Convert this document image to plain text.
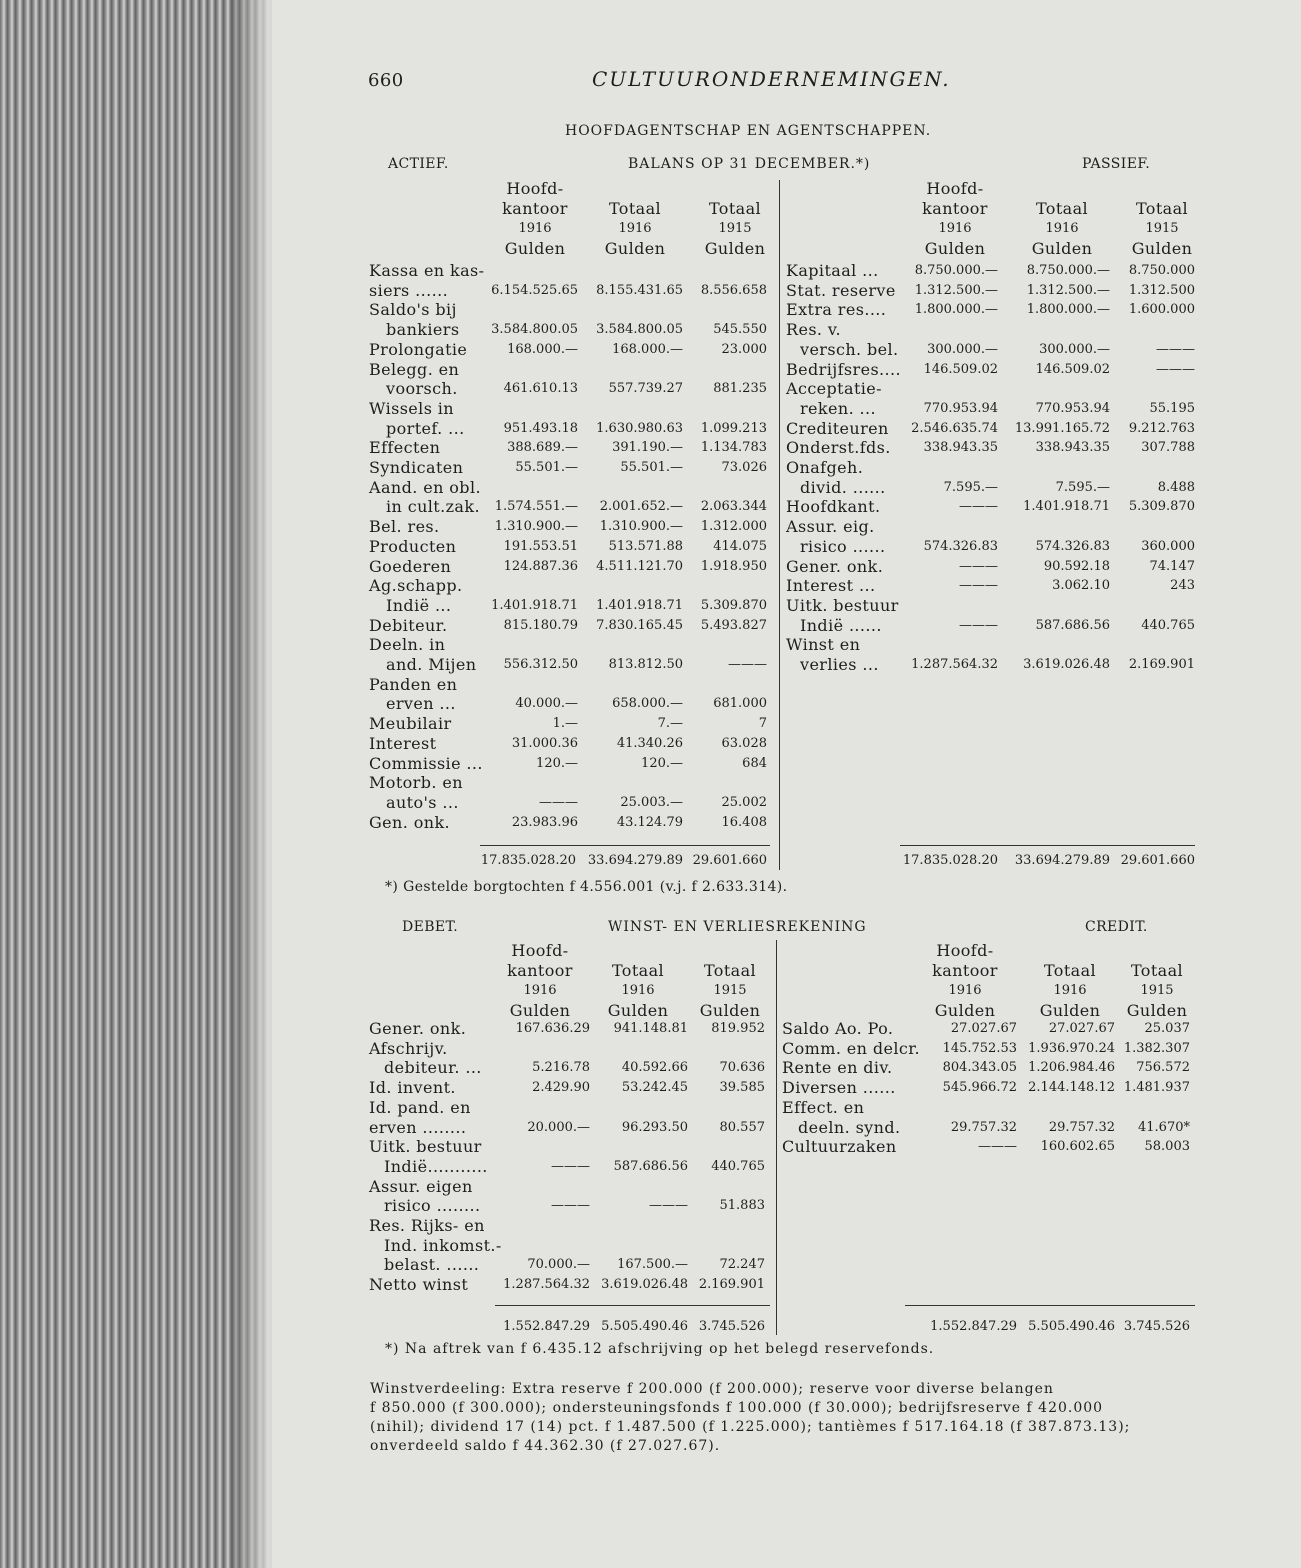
660	CULTUURONDERNEMINGEN.
HOOFDAGENTSCHAP EN AGENTSCHAPPEN.
ACTIEF.	BALANS OP 31 DECEMBER.*)	PASSIEF.
Hoofd-
kantoor
1916
Gulden
Totaal
1916
Gulden
Totaal
1915
Gulden
Hoofd-
kantoor
1916
Gulden
Totaal
1916
Gulden
Totaal
1915
Gulden
Kassa en kas-
siers ......	6.154.525.65	8.155.431.65	8.556.658
Saldo's bij
bankiers	3.584.800.05	3.584.800.05	545.550
Prolongatie	168.000.—	168.000.—	23.000
Belegg. en
voorsch.	461.610.13	557.739.27	881.235
Wissels in
portef. ...	951.493.18	1.630.980.63	1.099.213
Effecten	388.689.—	391.190.—	1.134.783
Syndicaten	55.501.—	55.501.—	73.026
Aand. en obl.
in cult.zak.	1.574.551.—	2.001.652.—	2.063.344
Bel. res.	1.310.900.—	1.310.900.—	1.312.000
Producten	191.553.51	513.571.88	414.075
Goederen	124.887.36	4.511.121.70	1.918.950
Ag.schapp.
Indië ...	1.401.918.71	1.401.918.71	5.309.870
Debiteur.	815.180.79	7.830.165.45	5.493.827
Deeln. in
and. Mijen	556.312.50	813.812.50	———
Panden en
erven ...	40.000.—	658.000.—	681.000
Meubilair	1.—	7.—	7
Interest	31.000.36	41.340.26	63.028
Commissie ...	120.—	120.—	684
Motorb. en
auto's ...	———	25.003.—	25.002
Gen. onk.	23.983.96	43.124.79	16.408
17.835.028.20 33.694.279.89 29.601.660
Kapitaal ...	8.750.000.—	8.750.000.—	8.750.000
Stat. reserve	1.312.500.—	1.312.500.—	1.312.500
Extra res....	1.800.000.—	1.800.000.—	1.600.000
Res. v.
versch. bel.	300.000.—	300.000.—	———
Bedrijfsres....	146.509.02	146.509.02	———
Acceptatie-
reken. ...	770.953.94	770.953.94	55.195
Crediteuren	2.546.635.74	13.991.165.72	9.212.763
Onderst.fds.	338.943.35	338.943.35	307.788
Onafgeh.
divid. ......	7.595.—	7.595.—	8.488
Hoofdkant.	———	1.401.918.71	5.309.870
Assur. eig.
risico ......	574.326.83	574.326.83	360.000
Gener. onk.	———	90.592.18	74.147
Interest ...	———	3.062.10	243
Uitk. bestuur
Indië ......	———	587.686.56	440.765
Winst en
verlies ...	1.287.564.32	3.619.026.48	2.169.901
17.835.028.20	33.694.279.89 29.601.660
*) Gestelde borgtochten f 4.556.001 (v.j. f 2.633.314).
DEBET.	WINST- EN VERLIESREKENING	CREDIT.
Hoofd-
kantoor
1916
Gulden
Totaal
1916
Gulden
Totaal
1915
Gulden
Hoofd-
kantoor
1916
Gulden
Totaal
1916
Gulden
Totaal
1915
Gulden
Gener. onk.	167.636.29	941.148.81	819.952
Afschrijv.
debiteur. ...	5.216.78	40.592.66	70.636
Id. invent.	2.429.90	53.242.45	39.585
Id. pand. en
erven ........	20.000.—	96.293.50	80.557
Uitk. bestuur
Indië...........	———	587.686.56	440.765
Assur. eigen
risico ........	———	———	51.883
Res. Rijks- en
Ind. inkomst.-
belast. ......	70.000.—	167.500.—	72.247
Netto winst	1.287.564.32 3.619.026.48 2.169.901
1.552.847.29 5.505.490.46 3.745.526
Saldo Ao. Po.	27.027.67	27.027.67	25.037
Comm. en delcr.	145.752.53 1.936.970.24 1.382.307
Rente en div.	804.343.05 1.206.984.46	756.572
Diversen ......	545.966.72 2.144.148.12 1.481.937
Effect. en
deeln. synd.	29.757.32	29.757.32	41.670*
Cultuurzaken	———	160.602.65	58.003
1.552.847.29 5.505.490.46 3.745.526
*) Na aftrek van f 6.435.12 afschrijving op het belegd reservefonds.
Winstverdeeling: Extra reserve f 200.000 (f 200.000); reserve voor diverse belangen
f 850.000 (f 300.000); ondersteuningsfonds f 100.000 (f 30.000); bedrijfsreserve f 420.000
(nihil); dividend 17 (14) pct. f 1.487.500 (f 1.225.000); tantièmes f 517.164.18 (f 387.873.13);
onverdeeld saldo f 44.362.30 (f 27.027.67).
